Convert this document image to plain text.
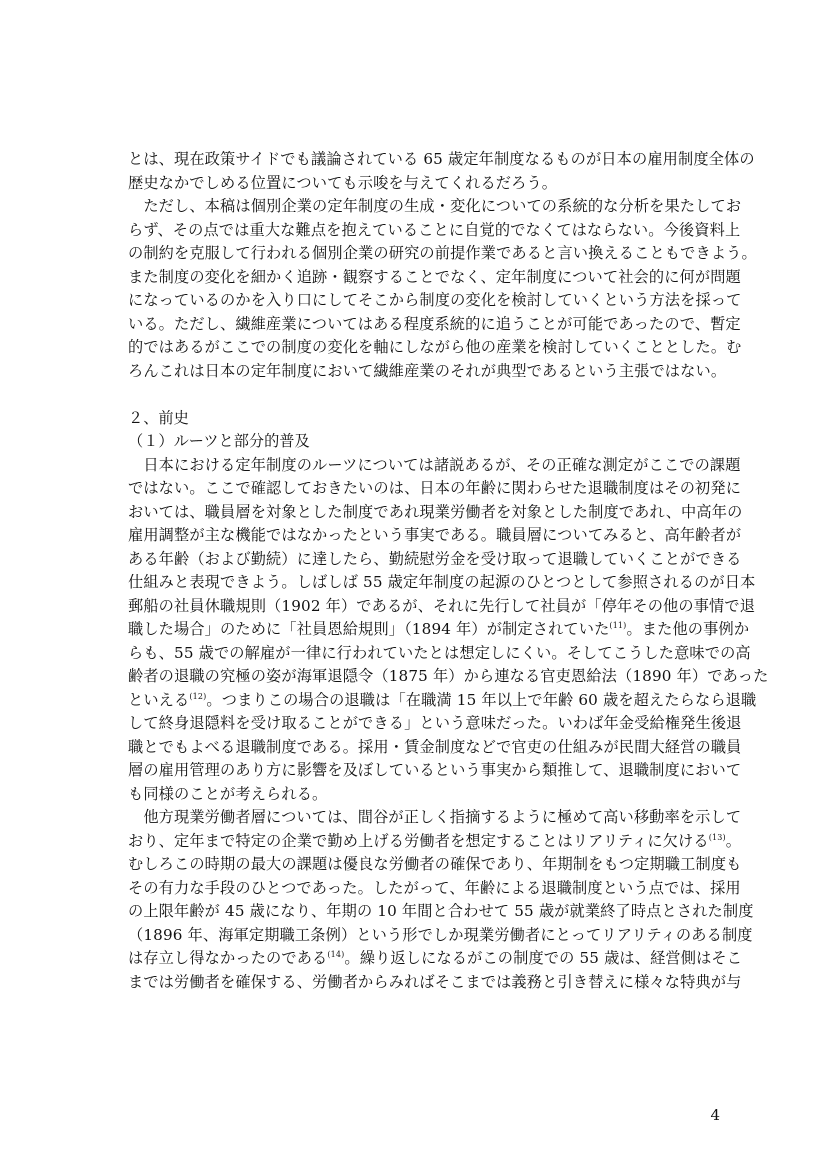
とは、現在政策サイドでも議論されている 65 歳定年制度なるものが日本の雇用制度全体の

歴史なかでしめる位置についても示唆を与えてくれるだろう。

　ただし、本稿は個別企業の定年制度の生成・変化についての系統的な分析を果たしてお

らず、その点では重大な難点を抱えていることに自覚的でなくてはならない。今後資料上

の制約を克服して行われる個別企業の研究の前提作業であると言い換えることもできよう。

また制度の変化を細かく追跡・観察することでなく、定年制度について社会的に何が問題

になっているのかを入り口にしてそこから制度の変化を検討していくという方法を採って

いる。ただし、繊維産業についてはある程度系統的に追うことが可能であったので、暫定

的ではあるがここでの制度の変化を軸にしながら他の産業を検討していくこととした。む

ろんこれは日本の定年制度において繊維産業のそれが典型であるという主張ではない。

２、前史
（１）ルーツと部分的普及

　日本における定年制度のルーツについては諸説あるが、その正確な測定がここでの課題

ではない。ここで確認しておきたいのは、日本の年齢に関わらせた退職制度はその初発に

おいては、職員層を対象とした制度であれ現業労働者を対象とした制度であれ、中高年の

雇用調整が主な機能ではなかったという事実である。職員層についてみると、高年齢者が

ある年齢（および勤続）に達したら、勤続慰労金を受け取って退職していくことができる

仕組みと表現できよう。しばしば 55 歳定年制度の起源のひとつとして参照されるのが日本

郵船の社員休職規則（1902 年）であるが、それに先行して社員が「停年その他の事情で退

職した場合」のために「社員恩給規則」（1894 年）が制定されていた$^{(11)}$。また他の事例か

らも、55 歳での解雇が一律に行われていたとは想定しにくい。そしてこうした意味での高

齢者の退職の究極の姿が海軍退隠令（1875 年）から連なる官吏恩給法（1890 年）であった

といえる$^{(12)}$。つまりこの場合の退職は「在職満 15 年以上で年齢 60 歳を超えたらなら退職

して終身退隠料を受け取ることができる」という意味だった。いわば年金受給権発生後退

職とでもよべる退職制度である。採用・賃金制度などで官吏の仕組みが民間大経営の職員

層の雇用管理のあり方に影響を及ぼしているという事実から類推して、退職制度において

も同様のことが考えられる。

　他方現業労働者層については、間谷が正しく指摘するように極めて高い移動率を示して

おり、定年まで特定の企業で勤め上げる労働者を想定することはリアリティに欠ける$^{(13)}$。

むしろこの時期の最大の課題は優良な労働者の確保であり、年期制をもつ定期職工制度も

その有力な手段のひとつであった。したがって、年齢による退職制度という点では、採用

の上限年齢が 45 歳になり、年期の 10 年間と合わせて 55 歳が就業終了時点とされた制度

（1896 年、海軍定期職工条例）という形でしか現業労働者にとってリアリティのある制度

は存立し得なかったのである$^{(14)}$。繰り返しになるがこの制度での 55 歳は、経営側はそこ

までは労働者を確保する、労働者からみればそこまでは義務と引き替えに様々な特典が与

4
